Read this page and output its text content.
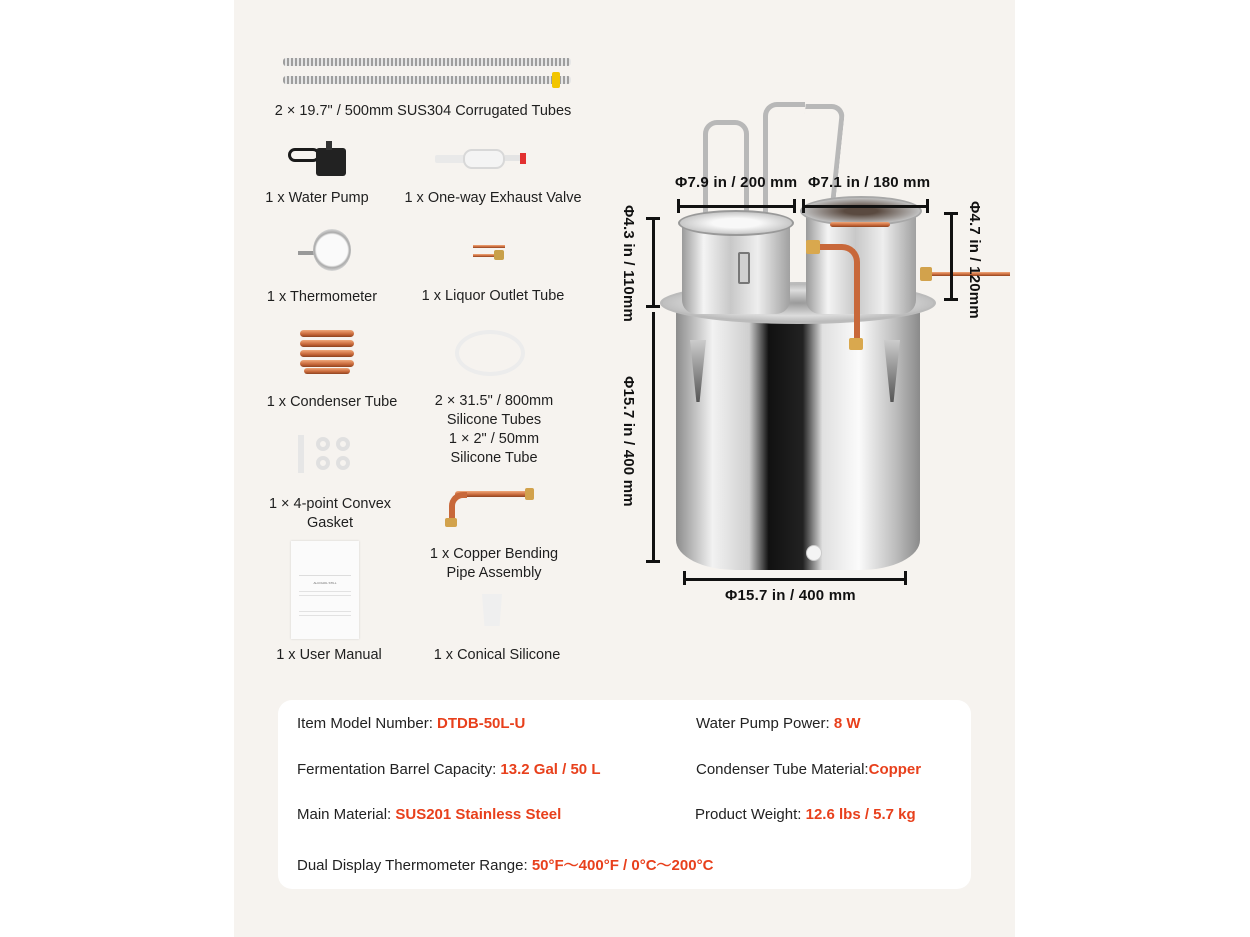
2 × 19.7" / 500mm SUS304 Corrugated Tubes
1 x Water Pump	1 x One-way Exhaust Valve
1 x Thermometer	1 x Liquor Outlet Tube
1 x Condenser Tube	2 × 31.5" / 800mm
Silicone Tubes
1 × 2" / 50mm
Silicone Tube
1 × 4-point Convex
Gasket
1 x Copper Bending
Pipe Assembly
ALCOHOL STILL
1 x User Manual	1 x Conical Silicone
Φ7.9 in / 200 mm Φ7.1 in / 180 mm
Φ4.3 in / 110mm	Φ4.7 in / 120mm
Φ15.7 in / 400 mm
Φ15.7 in / 400 mm
Item Model Number: DTDB-50L-U	Water Pump Power: 8 W
Fermentation Barrel Capacity: 13.2 Gal / 50 L	Condenser Tube Material:Copper
Main Material: SUS201 Stainless Steel	Product Weight: 12.6 lbs / 5.7 kg
Dual Display Thermometer Range: 50°F～400°F / 0°C～200°C
